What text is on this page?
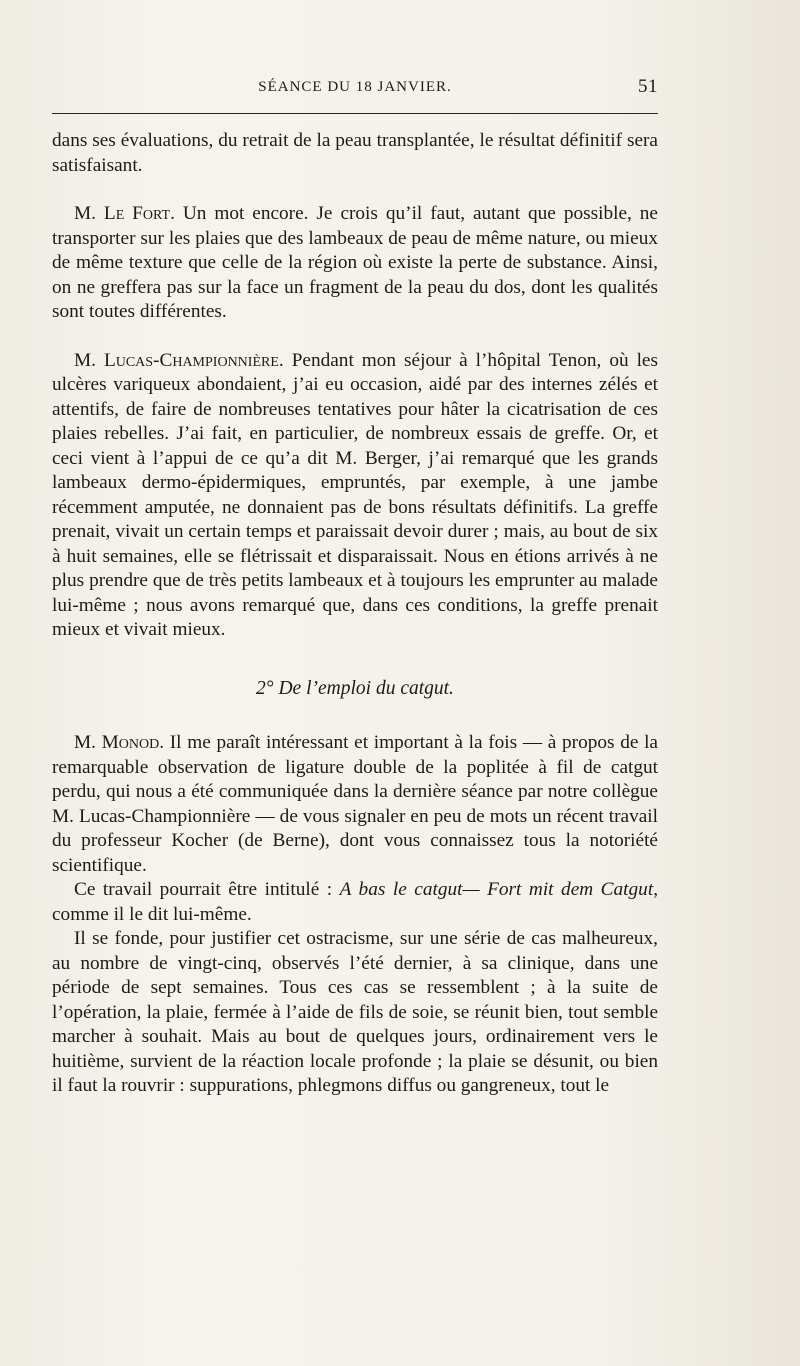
SÉANCE DU 18 JANVIER.	51

dans ses évaluations, du retrait de la peau transplantée, le résultat définitif sera satisfaisant.

M. Le Fort. Un mot encore. Je crois qu’il faut, autant que possible, ne transporter sur les plaies que des lambeaux de peau de même nature, ou mieux de même texture que celle de la région où existe la perte de substance. Ainsi, on ne greffera pas sur la face un fragment de la peau du dos, dont les qualités sont toutes différentes.

M. Lucas-Championnière. Pendant mon séjour à l’hôpital Tenon, où les ulcères variqueux abondaient, j’ai eu occasion, aidé par des internes zélés et attentifs, de faire de nombreuses tentatives pour hâter la cicatrisation de ces plaies rebelles. J’ai fait, en particulier, de nombreux essais de greffe. Or, et ceci vient à l’appui de ce qu’a dit M. Berger, j’ai remarqué que les grands lambeaux dermo-épidermiques, empruntés, par exemple, à une jambe récemment amputée, ne donnaient pas de bons résultats définitifs. La greffe prenait, vivait un certain temps et paraissait devoir durer ; mais, au bout de six à huit semaines, elle se flétrissait et disparaissait. Nous en étions arrivés à ne plus prendre que de très petits lambeaux et à toujours les emprunter au malade lui-même ; nous avons remarqué que, dans ces conditions, la greffe prenait mieux et vivait mieux.

2° De l’emploi du catgut.

M. Monod. Il me paraît intéressant et important à la fois — à propos de la remarquable observation de ligature double de la poplitée à fil de catgut perdu, qui nous a été communiquée dans la dernière séance par notre collègue M. Lucas-Championnière — de vous signaler en peu de mots un récent travail du professeur Kocher (de Berne), dont vous connaissez tous la notoriété scientifique.

Ce travail pourrait être intitulé : A bas le catgut— Fort mit dem Catgut, comme il le dit lui-même.

Il se fonde, pour justifier cet ostracisme, sur une série de cas malheureux, au nombre de vingt-cinq, observés l’été dernier, à sa clinique, dans une période de sept semaines. Tous ces cas se ressemblent ; à la suite de l’opération, la plaie, fermée à l’aide de fils de soie, se réunit bien, tout semble marcher à souhait. Mais au bout de quelques jours, ordinairement vers le huitième, survient de la réaction locale profonde ; la plaie se désunit, ou bien il faut la rouvrir : suppurations, phlegmons diffus ou gangreneux, tout le
